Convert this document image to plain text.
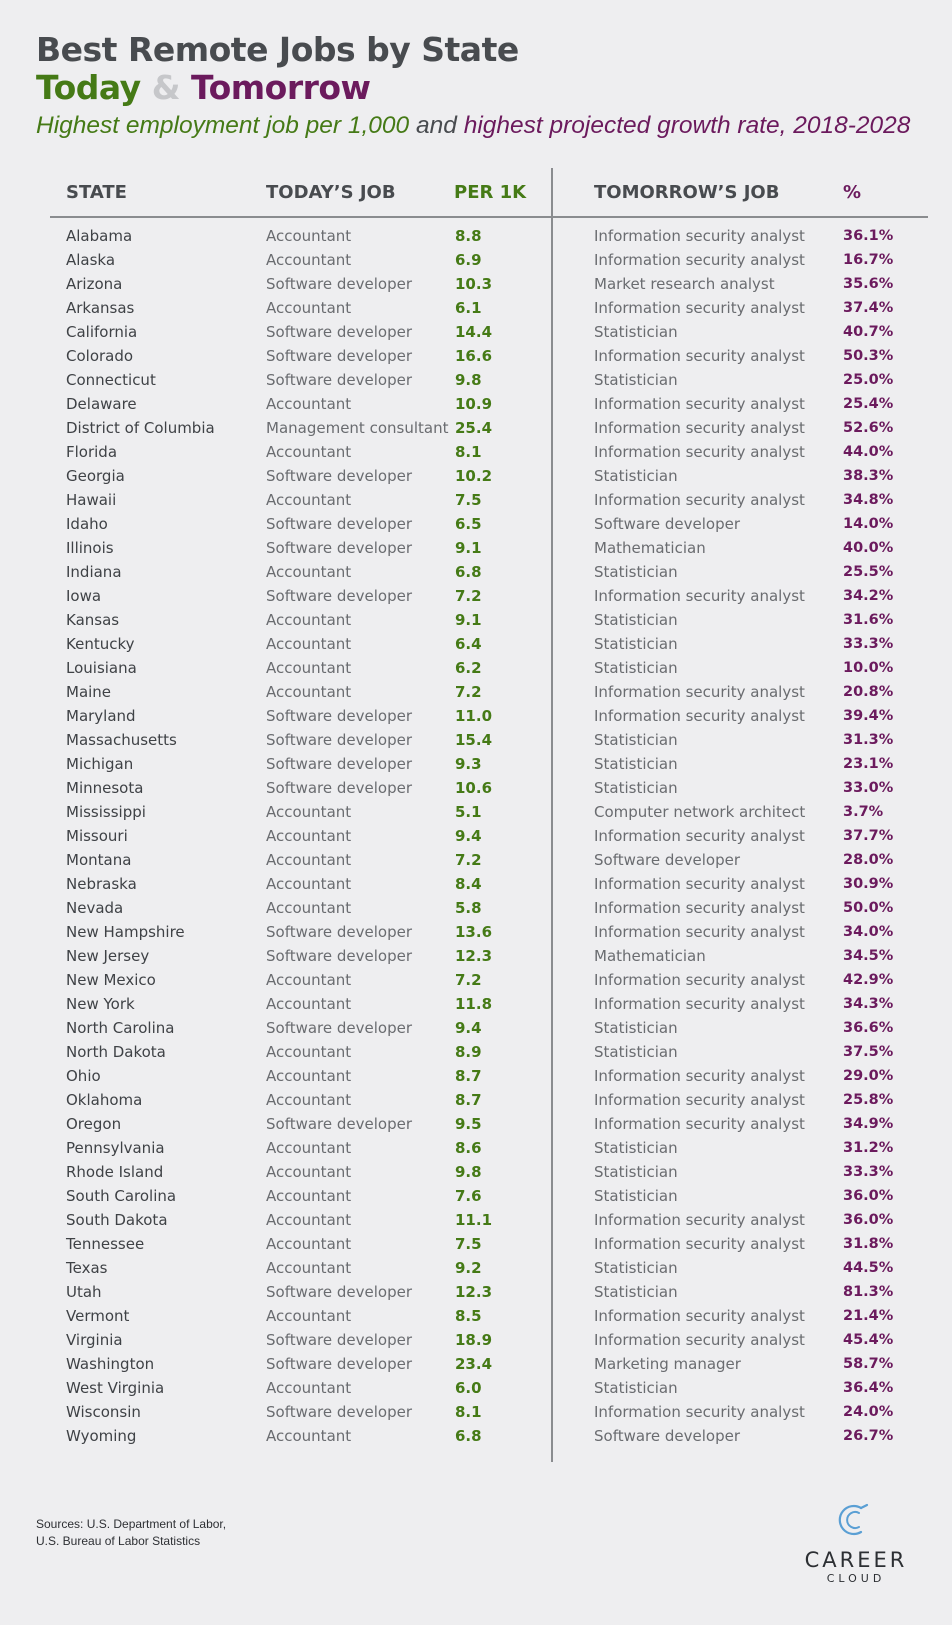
Best Remote Jobs by State
Today & Tomorrow
Highest employment job per 1,000 and highest projected growth rate, 2018-2028
STATE	TODAY’S JOB	PER 1K	TOMORROW’S JOB	%
Alabama	Accountant	8.8	Information security analyst	36.1%
Alaska	Accountant	6.9	Information security analyst	16.7%
Arizona	Software developer	10.3	Market research analyst	35.6%
Arkansas	Accountant	6.1	Information security analyst	37.4%
California	Software developer	14.4	Statistician	40.7%
Colorado	Software developer	16.6	Information security analyst	50.3%
Connecticut	Software developer	9.8	Statistician	25.0%
Delaware	Accountant	10.9	Information security analyst	25.4%
District of Columbia	Management consultant 25.4	Information security analyst	52.6%
Florida	Accountant	8.1	Information security analyst	44.0%
Georgia	Software developer	10.2	Statistician	38.3%
Hawaii	Accountant	7.5	Information security analyst	34.8%
Idaho	Software developer	6.5	Software developer	14.0%
Illinois	Software developer	9.1	Mathematician	40.0%
Indiana	Accountant	6.8	Statistician	25.5%
Iowa	Software developer	7.2	Information security analyst	34.2%
Kansas	Accountant	9.1	Statistician	31.6%
Kentucky	Accountant	6.4	Statistician	33.3%
Louisiana	Accountant	6.2	Statistician	10.0%
Maine	Accountant	7.2	Information security analyst	20.8%
Maryland	Software developer	11.0	Information security analyst	39.4%
Massachusetts	Software developer	15.4	Statistician	31.3%
Michigan	Software developer	9.3	Statistician	23.1%
Minnesota	Software developer	10.6	Statistician	33.0%
Mississippi	Accountant	5.1	Computer network architect	3.7%
Missouri	Accountant	9.4	Information security analyst	37.7%
Montana	Accountant	7.2	Software developer	28.0%
Nebraska	Accountant	8.4	Information security analyst	30.9%
Nevada	Accountant	5.8	Information security analyst	50.0%
New Hampshire	Software developer	13.6	Information security analyst	34.0%
New Jersey	Software developer	12.3	Mathematician	34.5%
New Mexico	Accountant	7.2	Information security analyst	42.9%
New York	Accountant	11.8	Information security analyst	34.3%
North Carolina	Software developer	9.4	Statistician	36.6%
North Dakota	Accountant	8.9	Statistician	37.5%
Ohio	Accountant	8.7	Information security analyst	29.0%
Oklahoma	Accountant	8.7	Information security analyst	25.8%
Oregon	Software developer	9.5	Information security analyst	34.9%
Pennsylvania	Accountant	8.6	Statistician	31.2%
Rhode Island	Accountant	9.8	Statistician	33.3%
South Carolina	Accountant	7.6	Statistician	36.0%
South Dakota	Accountant	11.1	Information security analyst	36.0%
Tennessee	Accountant	7.5	Information security analyst	31.8%
Texas	Accountant	9.2	Statistician	44.5%
Utah	Software developer	12.3	Statistician	81.3%
Vermont	Accountant	8.5	Information security analyst	21.4%
Virginia	Software developer	18.9	Information security analyst	45.4%
Washington	Software developer	23.4	Marketing manager	58.7%
West Virginia	Accountant	6.0	Statistician	36.4%
Wisconsin	Software developer	8.1	Information security analyst	24.0%
Wyoming	Accountant	6.8	Software developer	26.7%
Sources: U.S. Department of Labor,
U.S. Bureau of Labor Statistics
CAREER
CLOUD
